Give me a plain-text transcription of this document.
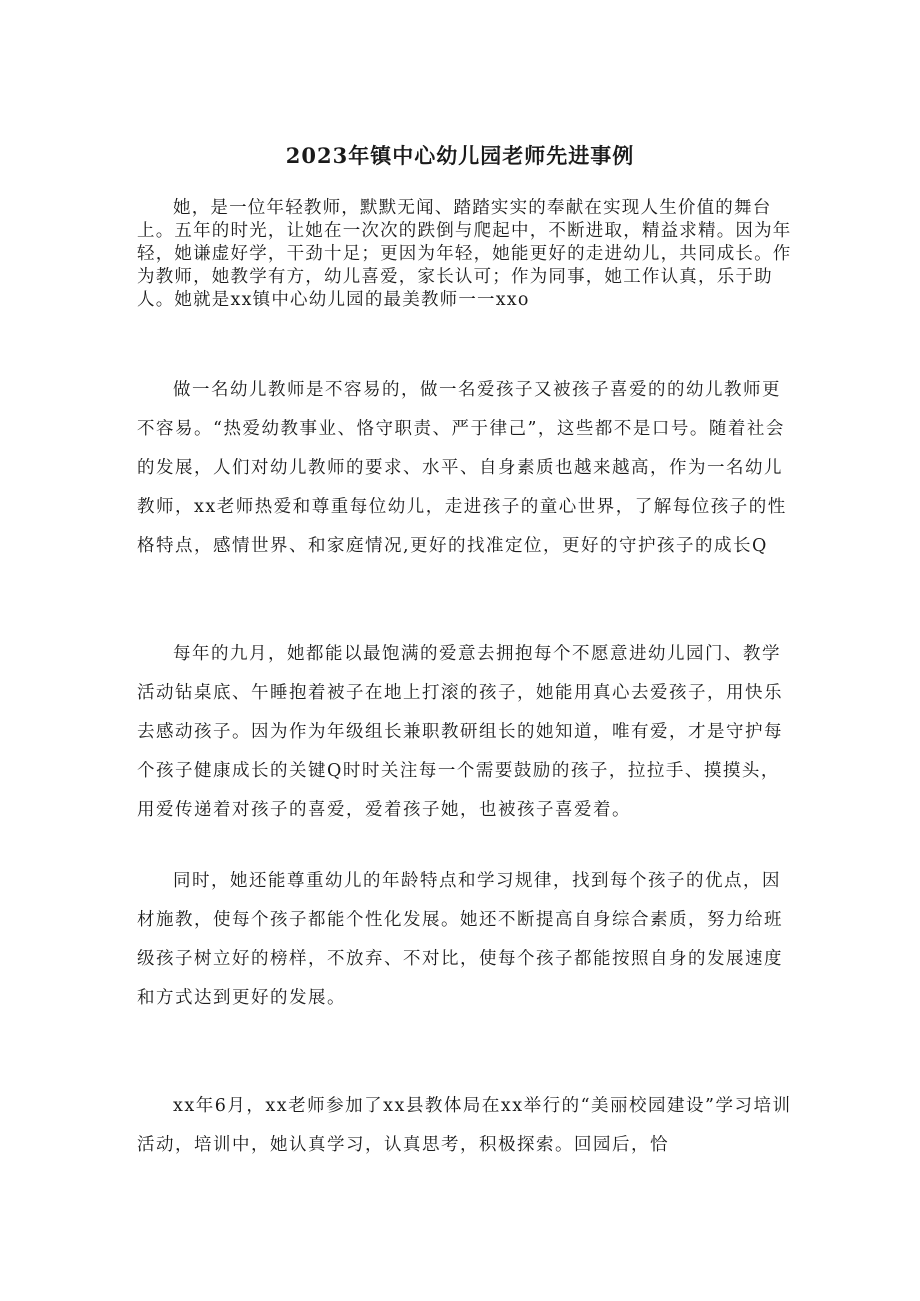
2023年镇中心幼儿园老师先进事例

她，是一位年轻教师，默默无闻、踏踏实实的奉献在实现人生价值的舞台上。五年的时光，让她在一次次的跌倒与爬起中，不断进取，精益求精。因为年轻，她谦虚好学，干劲十足；更因为年轻，她能更好的走进幼儿，共同成长。作为教师，她教学有方，幼儿喜爱，家长认可；作为同事，她工作认真，乐于助人。她就是xx镇中心幼儿园的最美教师一一xxo

做一名幼儿教师是不容易的，做一名爱孩子又被孩子喜爱的的幼儿教师更不容易。“热爱幼教事业、恪守职责、严于律己”，这些都不是口号。随着社会的发展，人们对幼儿教师的要求、水平、自身素质也越来越高，作为一名幼儿教师，xx老师热爱和尊重每位幼儿，走进孩子的童心世界，了解每位孩子的性格特点，感情世界、和家庭情况,更好的找准定位，更好的守护孩子的成长Q

每年的九月，她都能以最饱满的爱意去拥抱每个不愿意进幼儿园门、教学活动钻桌底、午睡抱着被子在地上打滚的孩子，她能用真心去爱孩子，用快乐去感动孩子。因为作为年级组长兼职教研组长的她知道，唯有爱，才是守护每个孩子健康成长的关键Q时时关注每一个需要鼓励的孩子，拉拉手、摸摸头，用爱传递着对孩子的喜爱，爱着孩子她，也被孩子喜爱着。

同时，她还能尊重幼儿的年龄特点和学习规律，找到每个孩子的优点，因材施教，使每个孩子都能个性化发展。她还不断提高自身综合素质，努力给班级孩子树立好的榜样，不放弃、不对比，使每个孩子都能按照自身的发展速度和方式达到更好的发展。

xx年6月，xx老师参加了xx县教体局在xx举行的“美丽校园建设”学习培训活动，培训中，她认真学习，认真思考，积极探索。回园后，恰
